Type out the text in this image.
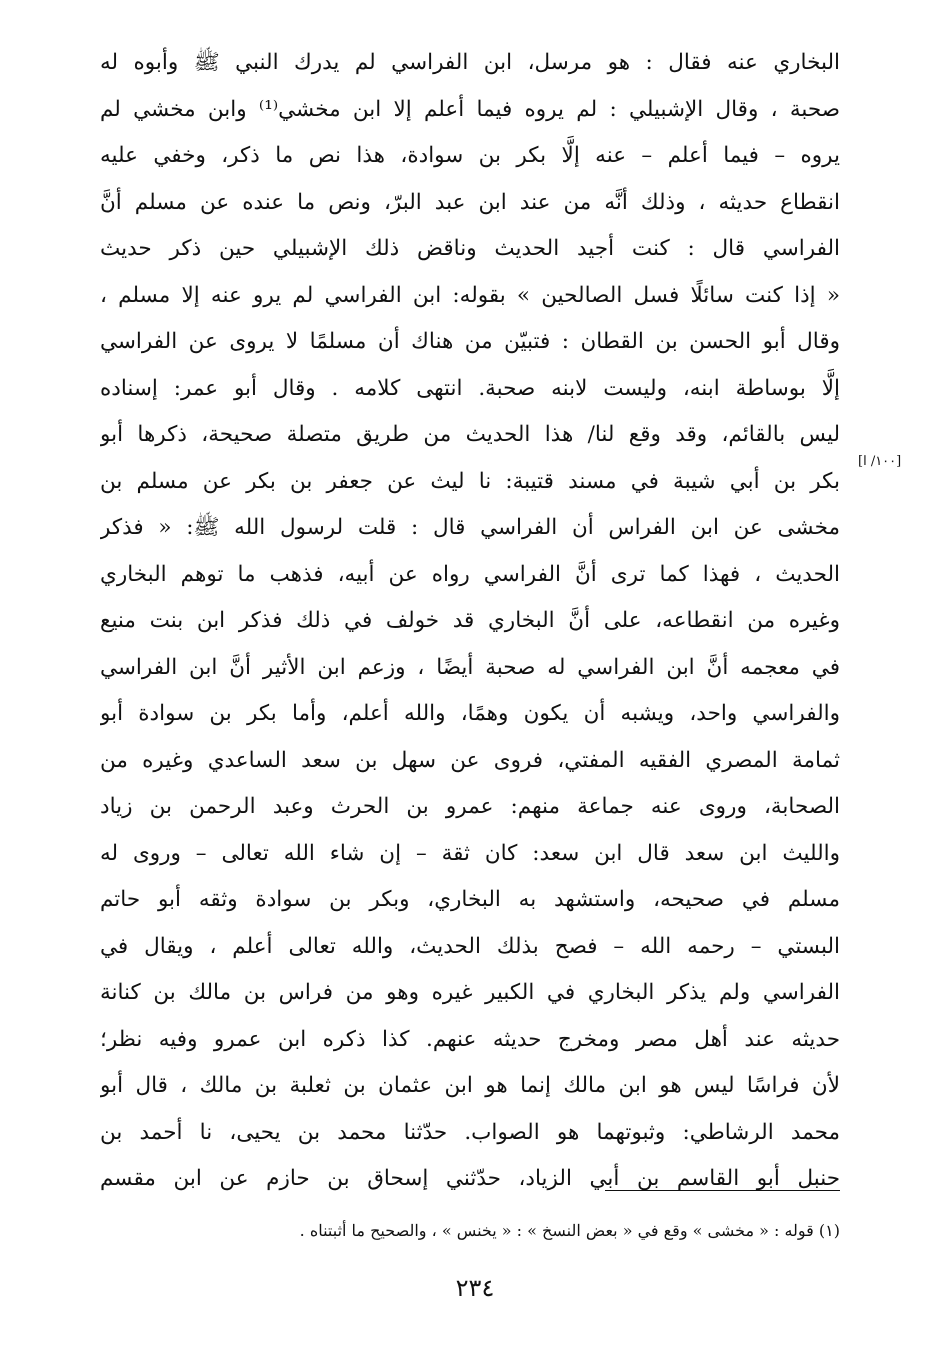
البخاري عنه فقال : هو مرسل، ابن الفراسي لم يدرك النبي ﷺ وأبوه له
صحبة ، وقال الإشبيلي : لم يروه فيما أعلم إلا ابن مخشي⁽¹⁾ وابن مخشي لم
يروه – فيما أعلم – عنه إلَّا بكر بن سوادة، هذا نص ما ذكر، وخفي عليه
انقطاع حديثه ، وذلك أنَّه من عند ابن عبد البرّ، ونص ما عنده عن مسلم أنَّ
الفراسي قال : كنت أجيد الحديث وناقض ذلك الإشبيلي حين ذكر حديث
« إذا كنت سائلًا فسل الصالحين » بقوله: ابن الفراسي لم يرو عنه إلا مسلم ،
وقال أبو الحسن بن القطان : فتبيّن من هناك أن مسلمًا لا يروى عن الفراسي
إلَّا بوساطة ابنه، وليست لابنه صحبة. انتهى كلامه . وقال أبو عمر: إسناده
ليس بالقائم، وقد وقع لنا/ هذا الحديث من طريق متصلة صحيحة، ذكرها أبو
بكر بن أبي شيبة في مسند قتيبة: نا ليث عن جعفر بن بكر عن مسلم بن
مخشى عن ابن الفراس أن الفراسي قال : قلت لرسول الله ﷺ: « فذكر
الحديث ، فهذا كما ترى أنَّ الفراسي رواه عن أبيه، فذهب ما توهم البخاري
وغيره من انقطاعه، على أنَّ البخاري قد خولف في ذلك فذكر ابن بنت منيع
في معجمه أنَّ ابن الفراسي له صحبة أيضًا ، وزعم ابن الأثير أنَّ ابن الفراسي
والفراسي واحد، ويشبه أن يكون وهمًا، والله أعلم، وأما بكر بن سوادة أبو
ثمامة المصري الفقيه المفتي، فروى عن سهل بن سعد الساعدي وغيره من
الصحابة، وروى عنه جماعة منهم: عمرو بن الحرث وعبد الرحمن بن زياد
والليث ابن سعد قال ابن سعد: كان ثقة – إن شاء الله تعالى – وروى له
مسلم في صحيحه، واستشهد به البخاري، وبكر بن سوادة وثقه أبو حاتم
البستي – رحمه الله – فصح بذلك الحديث، والله تعالى أعلم ، ويقال في
الفراسي ولم يذكر البخاري في الكبير غيره وهو من فراس بن مالك بن كنانة
حديثه عند أهل مصر ومخرج حديثه عنهم. كذا ذكره ابن عمرو وفيه نظر؛
لأن فراسًا ليس هو ابن مالك إنما هو ابن عثمان بن ثعلبة بن مالك ، قال أبو
محمد الرشاطي: وثبوتهما هو الصواب. حدّثنا محمد بن يحيى، نا أحمد بن
حنبل أبو القاسم بن أبي الزياد، حدّثني إسحاق بن حازم عن ابن مقسم
[١٠٠/ ا]
(١) قوله : « مخشى » وقع في « بعض النسخ » : « يخنس » ، والصحيح ما أثبتناه .
٢٣٤
